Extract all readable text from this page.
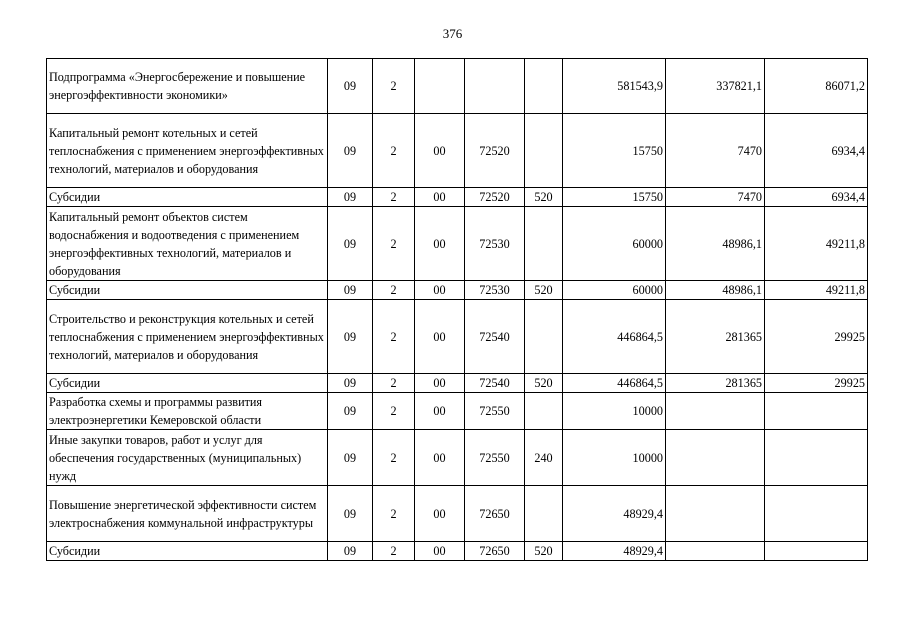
376
Подпрограмма «Энергосбережение и повышение энергоэффективности экономики»	09	2				581543,9	337821,1	86071,2
Капитальный ремонт котельных и сетей теплоснабжения с применением энергоэффективных технологий, материалов и оборудования	09	2	00	72520		15750	7470	6934,4
Субсидии	09	2	00	72520	520	15750	7470	6934,4
Капитальный ремонт объектов систем водоснабжения и водоотведения с применением энергоэффективных технологий, материалов и оборудования	09	2	00	72530		60000	48986,1	49211,8
Субсидии	09	2	00	72530	520	60000	48986,1	49211,8
Строительство и реконструкция котельных и сетей теплоснабжения с применением энергоэффективных технологий, материалов и оборудования	09	2	00	72540		446864,5	281365	29925
Субсидии	09	2	00	72540	520	446864,5	281365	29925
Разработка схемы и программы развития электроэнергетики Кемеровской области	09	2	00	72550		10000		
Иные закупки товаров, работ и услуг для обеспечения государственных (муниципальных) нужд	09	2	00	72550	240	10000		
Повышение энергетической эффективности систем электроснабжения коммунальной инфраструктуры	09	2	00	72650		48929,4		
Субсидии	09	2	00	72650	520	48929,4		
